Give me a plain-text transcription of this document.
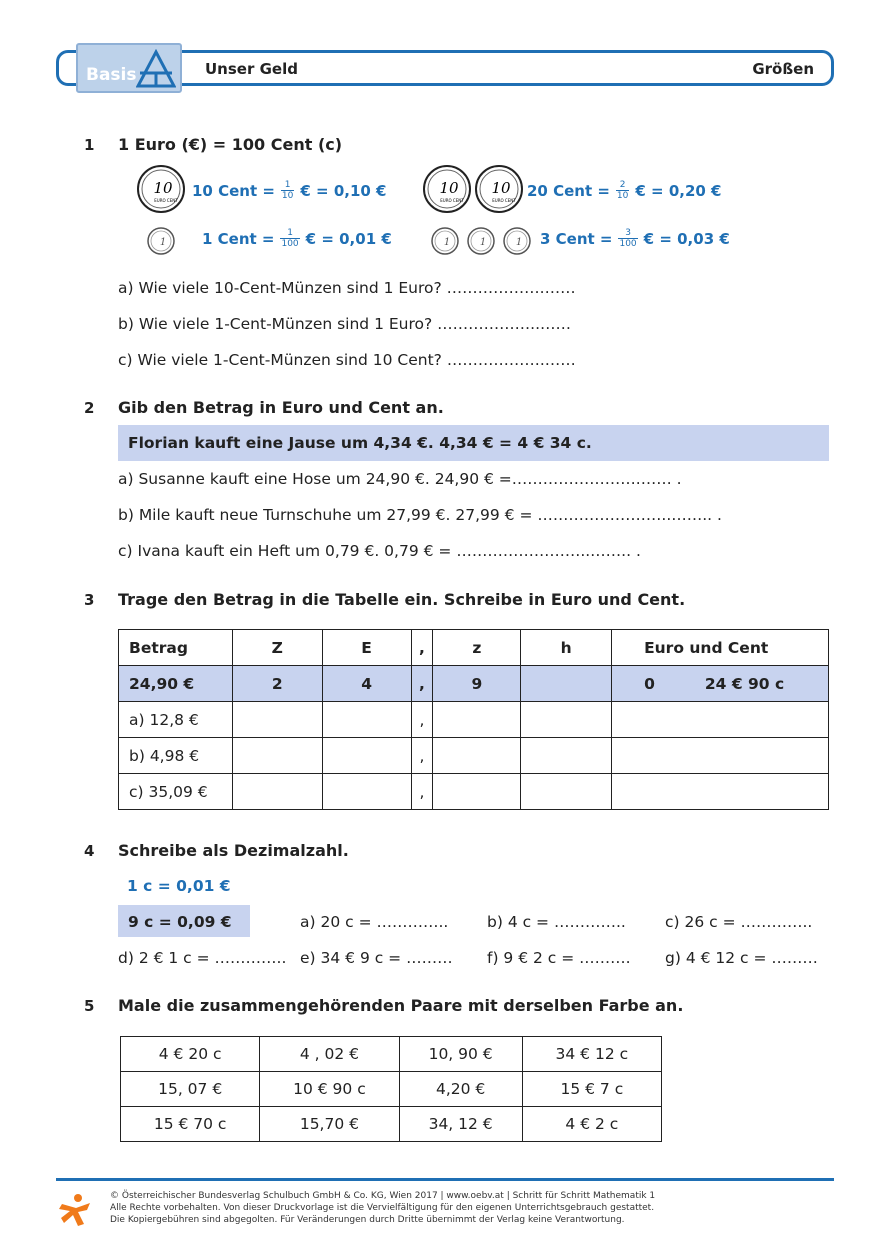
Basis	Unser Geld	Größen
1 1 Euro (€) = 100 Cent (c)
10
EURO CENT
10 Cent = $\frac{1}{10}$ € = 0,10 €	10
EURO CENT
10
EURO CENT
20 Cent = $\frac{2}{10}$ € = 0,20 €
1 1 Cent = $\frac{1}{100}$ € = 0,01 €	1	1	1 3 Cent = $\frac{3}{100}$ € = 0,03 €
a) Wie viele 10-Cent-Münzen sind 1 Euro? ……………….……
b) Wie viele 1-Cent-Münzen sind 1 Euro? ………………..……
c) Wie viele 1-Cent-Münzen sind 10 Cent? ……………….……
2 Gib den Betrag in Euro und Cent an.
Florian kauft eine Jause um 4,34 €. 4,34 € = 4 € 34 c.
a) Susanne kauft eine Hose um 24,90 €. 24,90 € =…………………….…… .
b) Mile kauft neue Turnschuhe um 27,99 €. 27,99 € = ……………………..…….. .
c) Ivana kauft ein Heft um 0,79 €. 0,79 € = ……………………..…….. .
3 Trage den Betrag in die Tabelle ein. Schreibe in Euro und Cent.
Betrag	Z	E	,	z	h	Euro und Cent
24,90 €	2	4	,	9		0 24 € 90 c
a) 12,8 €			,			
b) 4,98 €			,			
c) 35,09 €			,			
4 Schreibe als Dezimalzahl.
1 c = 0,01 €
9 c = 0,09 €	a) 20 c = ………….. b) 4 c = …………..	c) 26 c = …………..
d) 2 € 1 c = ………….. e) 34 € 9 c = ……… f) 9 € 2 c = ………. g) 4 € 12 c = ………
5 Male die zusammengehörenden Paare mit derselben Farbe an.
4 € 20 c	4 , 02 €	10, 90 €	34 € 12 c
15, 07 €	10 € 90 c	4,20 €	15 € 7 c
15 € 70 c	15,70 €	34, 12 €	4 € 2 c
© Österreichischer Bundesverlag Schulbuch GmbH & Co. KG, Wien 2017 | www.oebv.at | Schritt für Schritt Mathematik 1
Alle Rechte vorbehalten. Von dieser Druckvorlage ist die Vervielfältigung für den eigenen Unterrichtsgebrauch gestattet.
Die Kopiergebühren sind abgegolten. Für Veränderungen durch Dritte übernimmt der Verlag keine Verantwortung.
